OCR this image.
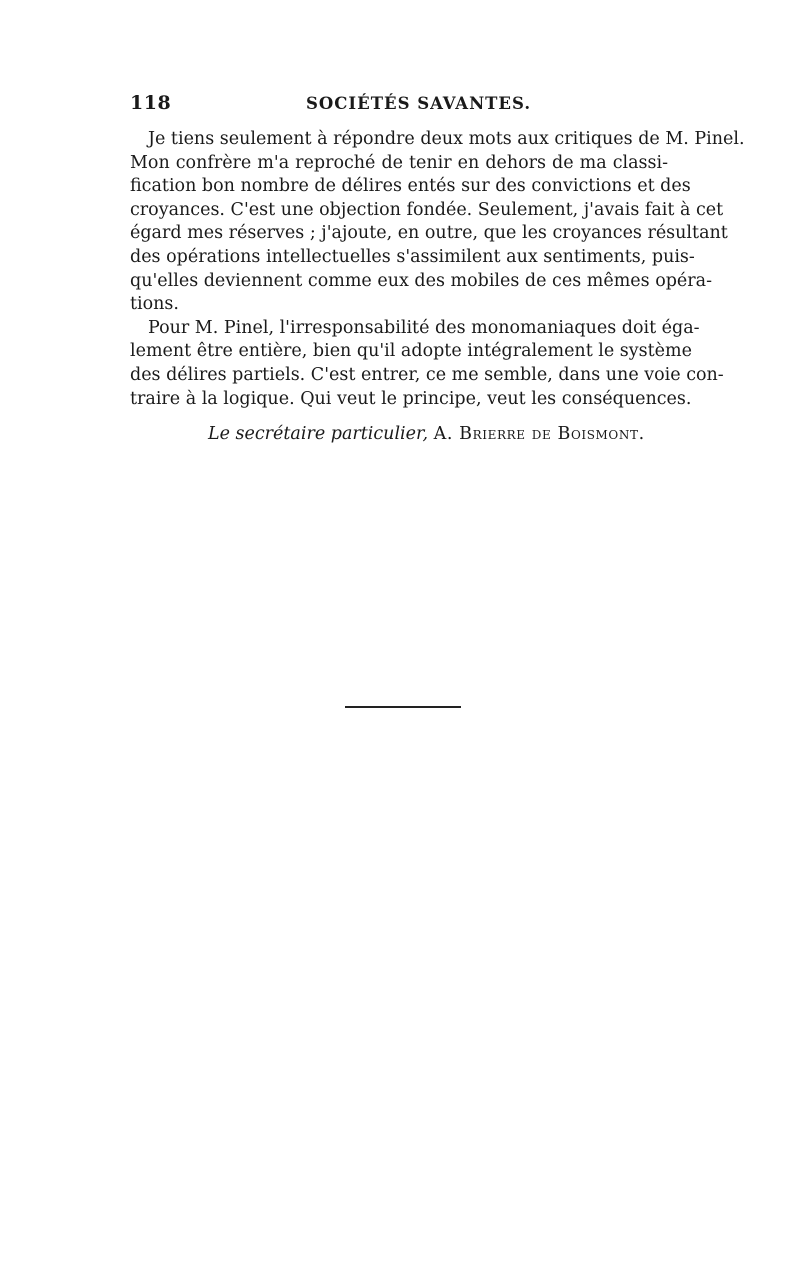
118	SOCIÉTÉS SAVANTES.
Je tiens seulement à répondre deux mots aux critiques de M. Pinel.
Mon confrère m'a reproché de tenir en dehors de ma classi-
fication bon nombre de délires entés sur des convictions et des
croyances. C'est une objection fondée. Seulement, j'avais fait à cet
égard mes réserves ; j'ajoute, en outre, que les croyances résultant
des opérations intellectuelles s'assimilent aux sentiments, puis-
qu'elles deviennent comme eux des mobiles de ces mêmes opéra-
tions.
Pour M. Pinel, l'irresponsabilité des monomaniaques doit éga-
lement être entière, bien qu'il adopte intégralement le système
des délires partiels. C'est entrer, ce me semble, dans une voie con-
traire à la logique. Qui veut le principe, veut les conséquences.
Le secrétaire particulier, A. Brierre de Boismont.
